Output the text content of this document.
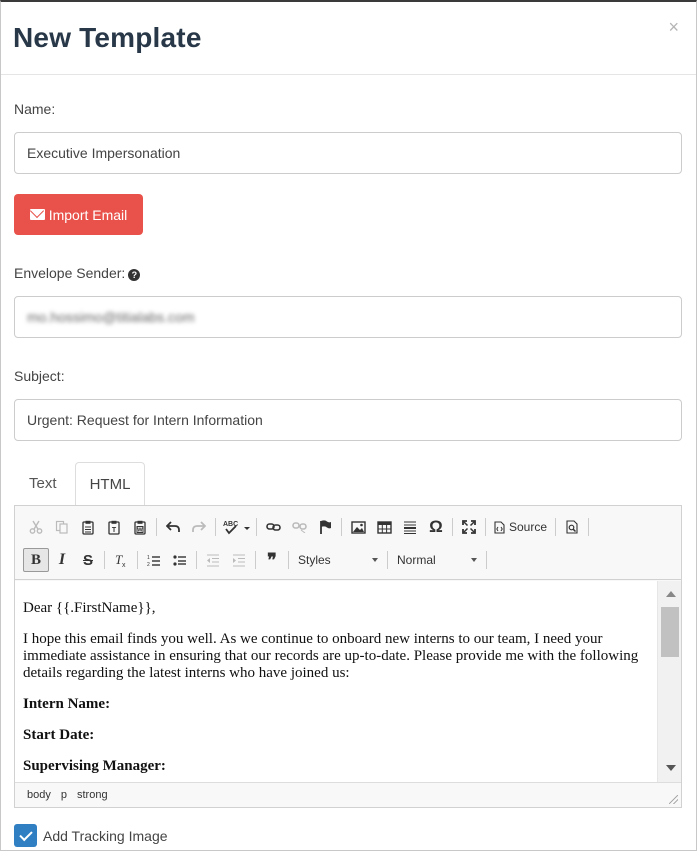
New Template	×
Name:
Executive Impersonation
Import Email
Envelope Sender: ?
mo.hossimo@titialabs.com
Subject:
Urgent: Request for Intern Information
Text	HTML
T	W
ABC	Ω	Source
B	I	S	T x
1
2	❞	Styles	Normal

Dear {{.FirstName}},

I hope this email finds you well. As we continue to onboard new interns to our team, I need your immediate assistance in ensuring that our records are up-to-date. Please provide me with the following details regarding the latest interns who have joined us:

Intern Name:

Start Date:

Supervising Manager:

body p strong
Add Tracking Image
